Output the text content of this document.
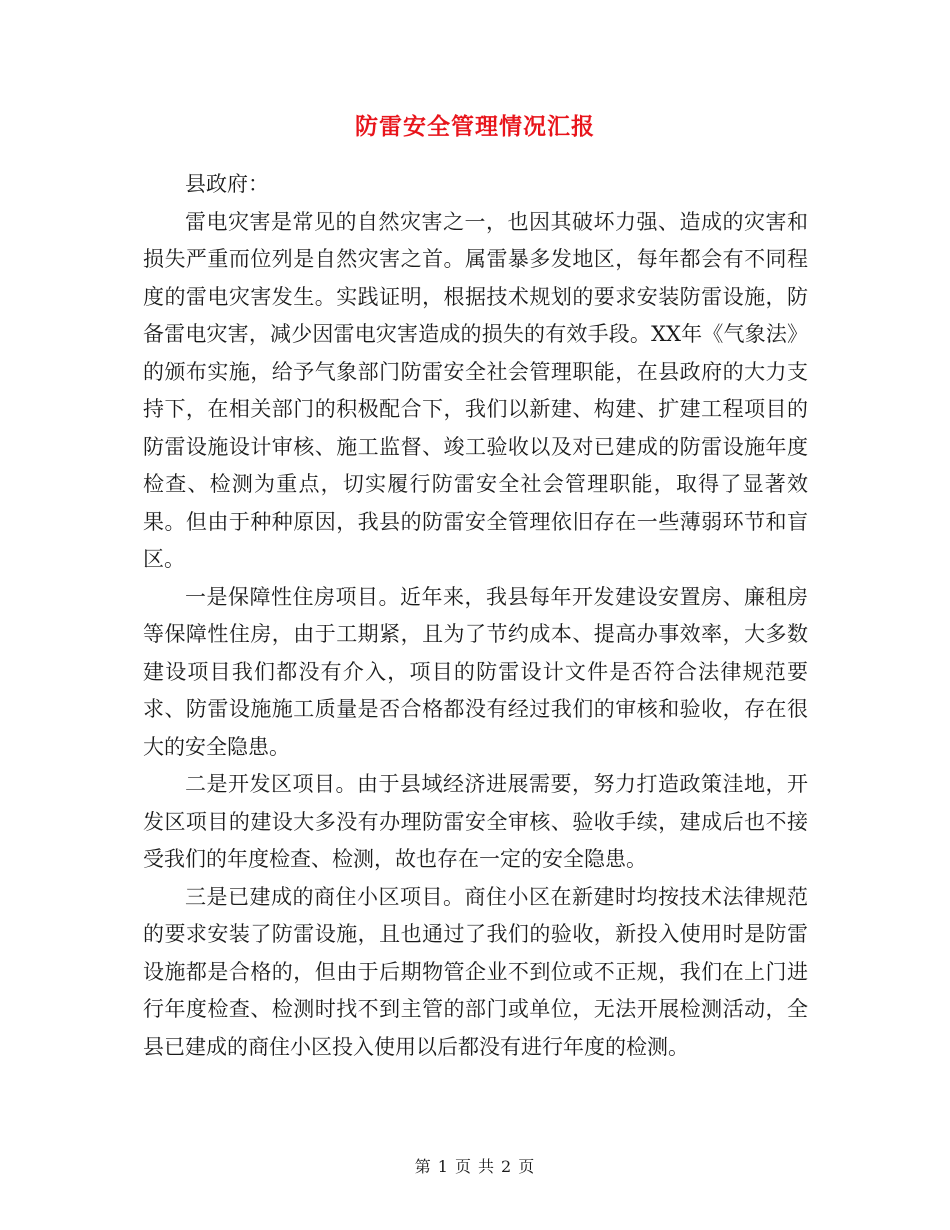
防雷安全管理情况汇报

县政府：

雷电灾害是常见的自然灾害之一，也因其破坏力强、造成的灾害和损失严重而位列是自然灾害之首。属雷暴多发地区，每年都会有不同程度的雷电灾害发生。实践证明，根据技术规划的要求安装防雷设施，防备雷电灾害，减少因雷电灾害造成的损失的有效手段。XX年《气象法》的颁布实施，给予气象部门防雷安全社会管理职能，在县政府的大力支持下，在相关部门的积极配合下，我们以新建、构建、扩建工程项目的防雷设施设计审核、施工监督、竣工验收以及对已建成的防雷设施年度检查、检测为重点，切实履行防雷安全社会管理职能，取得了显著效果。但由于种种原因，我县的防雷安全管理依旧存在一些薄弱环节和盲区。

一是保障性住房项目。近年来，我县每年开发建设安置房、廉租房等保障性住房，由于工期紧，且为了节约成本、提高办事效率，大多数建设项目我们都没有介入，项目的防雷设计文件是否符合法律规范要求、防雷设施施工质量是否合格都没有经过我们的审核和验收，存在很大的安全隐患。

二是开发区项目。由于县域经济进展需要，努力打造政策洼地，开发区项目的建设大多没有办理防雷安全审核、验收手续，建成后也不接受我们的年度检查、检测，故也存在一定的安全隐患。

三是已建成的商住小区项目。商住小区在新建时均按技术法律规范的要求安装了防雷设施，且也通过了我们的验收，新投入使用时是防雷设施都是合格的，但由于后期物管企业不到位或不正规，我们在上门进行年度检查、检测时找不到主管的部门或单位，无法开展检测活动，全县已建成的商住小区投入使用以后都没有进行年度的检测。

第 1 页 共 2 页
